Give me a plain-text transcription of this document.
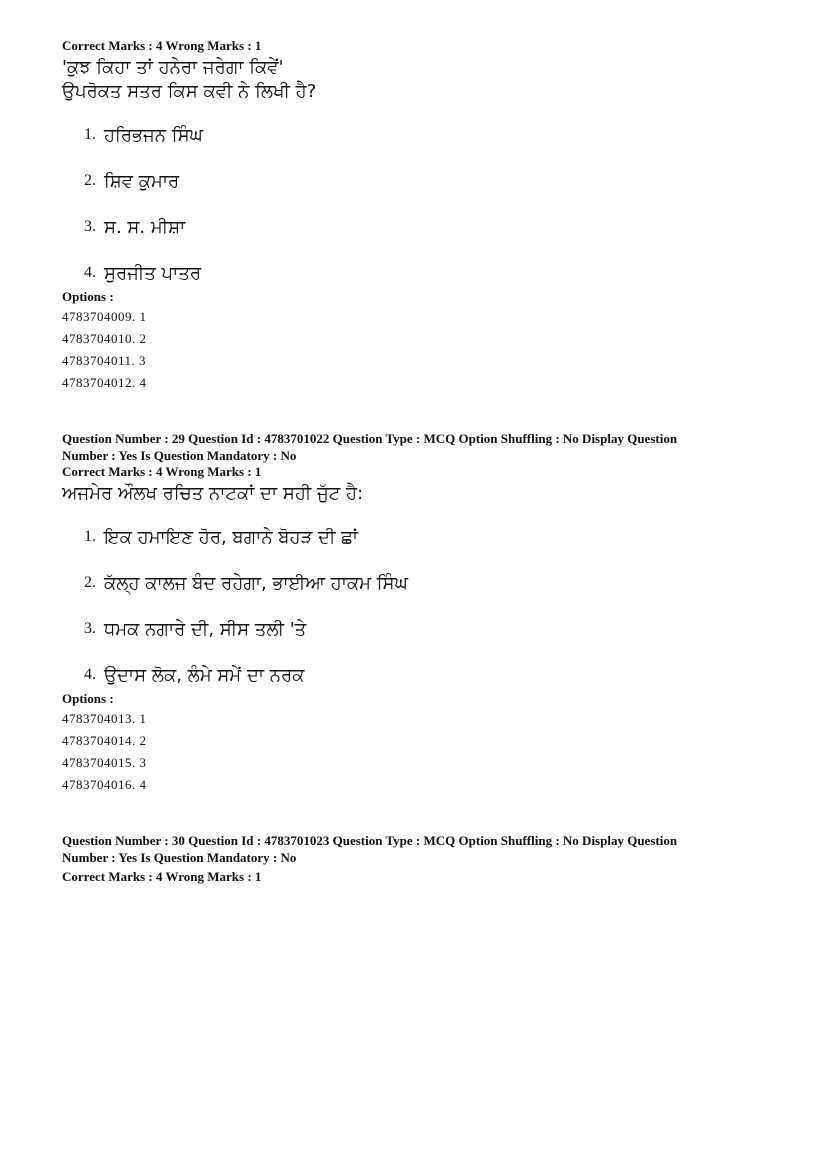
Correct Marks : 4 Wrong Marks : 1
'ਕੁਝ ਕਿਹਾ ਤਾਂ ਹਨੇਰਾ ਜਰੇਗਾ ਕਿਵੇਂ'
ਉਪਰੋਕਤ ਸਤਰ ਕਿਸ ਕਵੀ ਨੇ ਲਿਖੀ ਹੈ?
1. ਹਰਿਭਜਨ ਸਿੰਘ
2. ਸ਼ਿਵ ਕੁਮਾਰ
3. ਸ. ਸ. ਮੀਸ਼ਾ
4. ਸੁਰਜੀਤ ਪਾਤਰ
Options :
4783704009. 1
4783704010. 2
4783704011. 3
4783704012. 4
Question Number : 29 Question Id : 4783701022 Question Type : MCQ Option Shuffling : No Display Question
Number : Yes Is Question Mandatory : No
Correct Marks : 4 Wrong Marks : 1
ਅਜਮੇਰ ਔਲਖ ਰਚਿਤ ਨਾਟਕਾਂ ਦਾ ਸਹੀ ਜੁੱਟ ਹੈ:
1. ਇਕ ਹਮਾਇਣ ਹੋਰ, ਬਗਾਨੇ ਬੋਹੜ ਦੀ ਛਾਂ
2. ਕੱਲ੍ਹ ਕਾਲਜ ਬੰਦ ਰਹੇਗਾ, ਭਾਈਆ ਹਾਕਮ ਸਿੰਘ
3. ਧਮਕ ਨਗਾਰੇ ਦੀ, ਸੀਸ ਤਲੀ 'ਤੇ
4. ਉਦਾਸ ਲੋਕ, ਲੰਮੇ ਸਮੇਂ ਦਾ ਨਰਕ
Options :
4783704013. 1
4783704014. 2
4783704015. 3
4783704016. 4
Question Number : 30 Question Id : 4783701023 Question Type : MCQ Option Shuffling : No Display Question
Number : Yes Is Question Mandatory : No
Correct Marks : 4 Wrong Marks : 1
